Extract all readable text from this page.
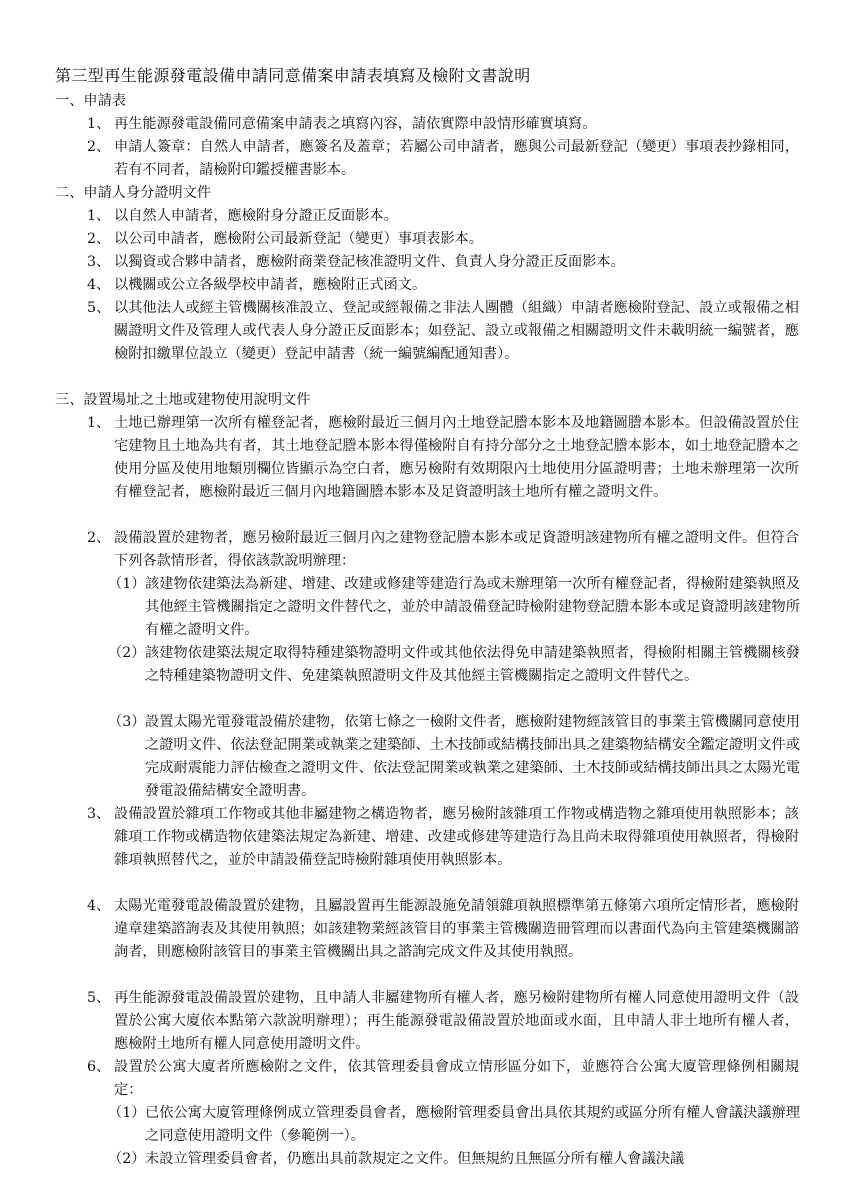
第三型再生能源發電設備申請同意備案申請表填寫及檢附文書說明
一、申請表
1、 再生能源發電設備同意備案申請表之填寫內容，請依實際申設情形確實填寫。
2、 申請人簽章：自然人申請者，應簽名及蓋章；若屬公司申請者，應與公司最新登記（變更）事項表抄錄相同，若有不同者，請檢附印鑑授權書影本。
二、申請人身分證明文件
1、 以自然人申請者，應檢附身分證正反面影本。
2、 以公司申請者，應檢附公司最新登記（變更）事項表影本。
3、 以獨資或合夥申請者，應檢附商業登記核准證明文件、負責人身分證正反面影本。
4、 以機關或公立各級學校申請者，應檢附正式函文。
5、 以其他法人或經主管機關核准設立、登記或經報備之非法人團體（組織）申請者應檢附登記、設立或報備之相關證明文件及管理人或代表人身分證正反面影本；如登記、設立或報備之相關證明文件未載明統一編號者，應檢附扣繳單位設立（變更）登記申請書（統一編號編配通知書）。
三、設置場址之土地或建物使用說明文件
1、 土地已辦理第一次所有權登記者，應檢附最近三個月內土地登記謄本影本及地籍圖謄本影本。但設備設置於住宅建物且土地為共有者，其土地登記謄本影本得僅檢附自有持分部分之土地登記謄本影本，如土地登記謄本之使用分區及使用地類別欄位皆顯示為空白者，應另檢附有效期限內土地使用分區證明書；土地未辦理第一次所有權登記者，應檢附最近三個月內地籍圖謄本影本及足資證明該土地所有權之證明文件。
2、 設備設置於建物者，應另檢附最近三個月內之建物登記謄本影本或足資證明該建物所有權之證明文件。但符合下列各款情形者，得依該款說明辦理：
（1） 該建物依建築法為新建、增建、改建或修建等建造行為或未辦理第一次所有權登記者，得檢附建築執照及其他經主管機關指定之證明文件替代之，並於申請設備登記時檢附建物登記謄本影本或足資證明該建物所有權之證明文件。
（2） 該建物依建築法規定取得特種建築物證明文件或其他依法得免申請建築執照者，得檢附相關主管機關核發之特種建築物證明文件、免建築執照證明文件及其他經主管機關指定之證明文件替代之。
（3） 設置太陽光電發電設備於建物，依第七條之一檢附文件者，應檢附建物經該管目的事業主管機關同意使用之證明文件、依法登記開業或執業之建築師、土木技師或結構技師出具之建築物結構安全鑑定證明文件或完成耐震能力評估檢查之證明文件、依法登記開業或執業之建築師、土木技師或結構技師出具之太陽光電發電設備結構安全證明書。
3、 設備設置於雜項工作物或其他非屬建物之構造物者，應另檢附該雜項工作物或構造物之雜項使用執照影本；該雜項工作物或構造物依建築法規定為新建、增建、改建或修建等建造行為且尚未取得雜項使用執照者，得檢附雜項執照替代之，並於申請設備登記時檢附雜項使用執照影本。
4、 太陽光電發電設備設置於建物，且屬設置再生能源設施免請領雜項執照標準第五條第六項所定情形者，應檢附違章建築諮詢表及其使用執照；如該建物業經該管目的事業主管機關造冊管理而以書面代為向主管建築機關諮詢者，則應檢附該管目的事業主管機關出具之諮詢完成文件及其使用執照。
5、 再生能源發電設備設置於建物，且申請人非屬建物所有權人者，應另檢附建物所有權人同意使用證明文件（設置於公寓大廈依本點第六款說明辦理）；再生能源發電設備設置於地面或水面，且申請人非土地所有權人者，應檢附土地所有權人同意使用證明文件。
6、 設置於公寓大廈者所應檢附之文件，依其管理委員會成立情形區分如下，並應符合公寓大廈管理條例相關規定：
（1） 已依公寓大廈管理條例成立管理委員會者，應檢附管理委員會出具依其規約或區分所有權人會議決議辦理之同意使用證明文件（參範例一）。
（2） 未設立管理委員會者，仍應出具前款規定之文件。但無規約且無區分所有權人會議決議
